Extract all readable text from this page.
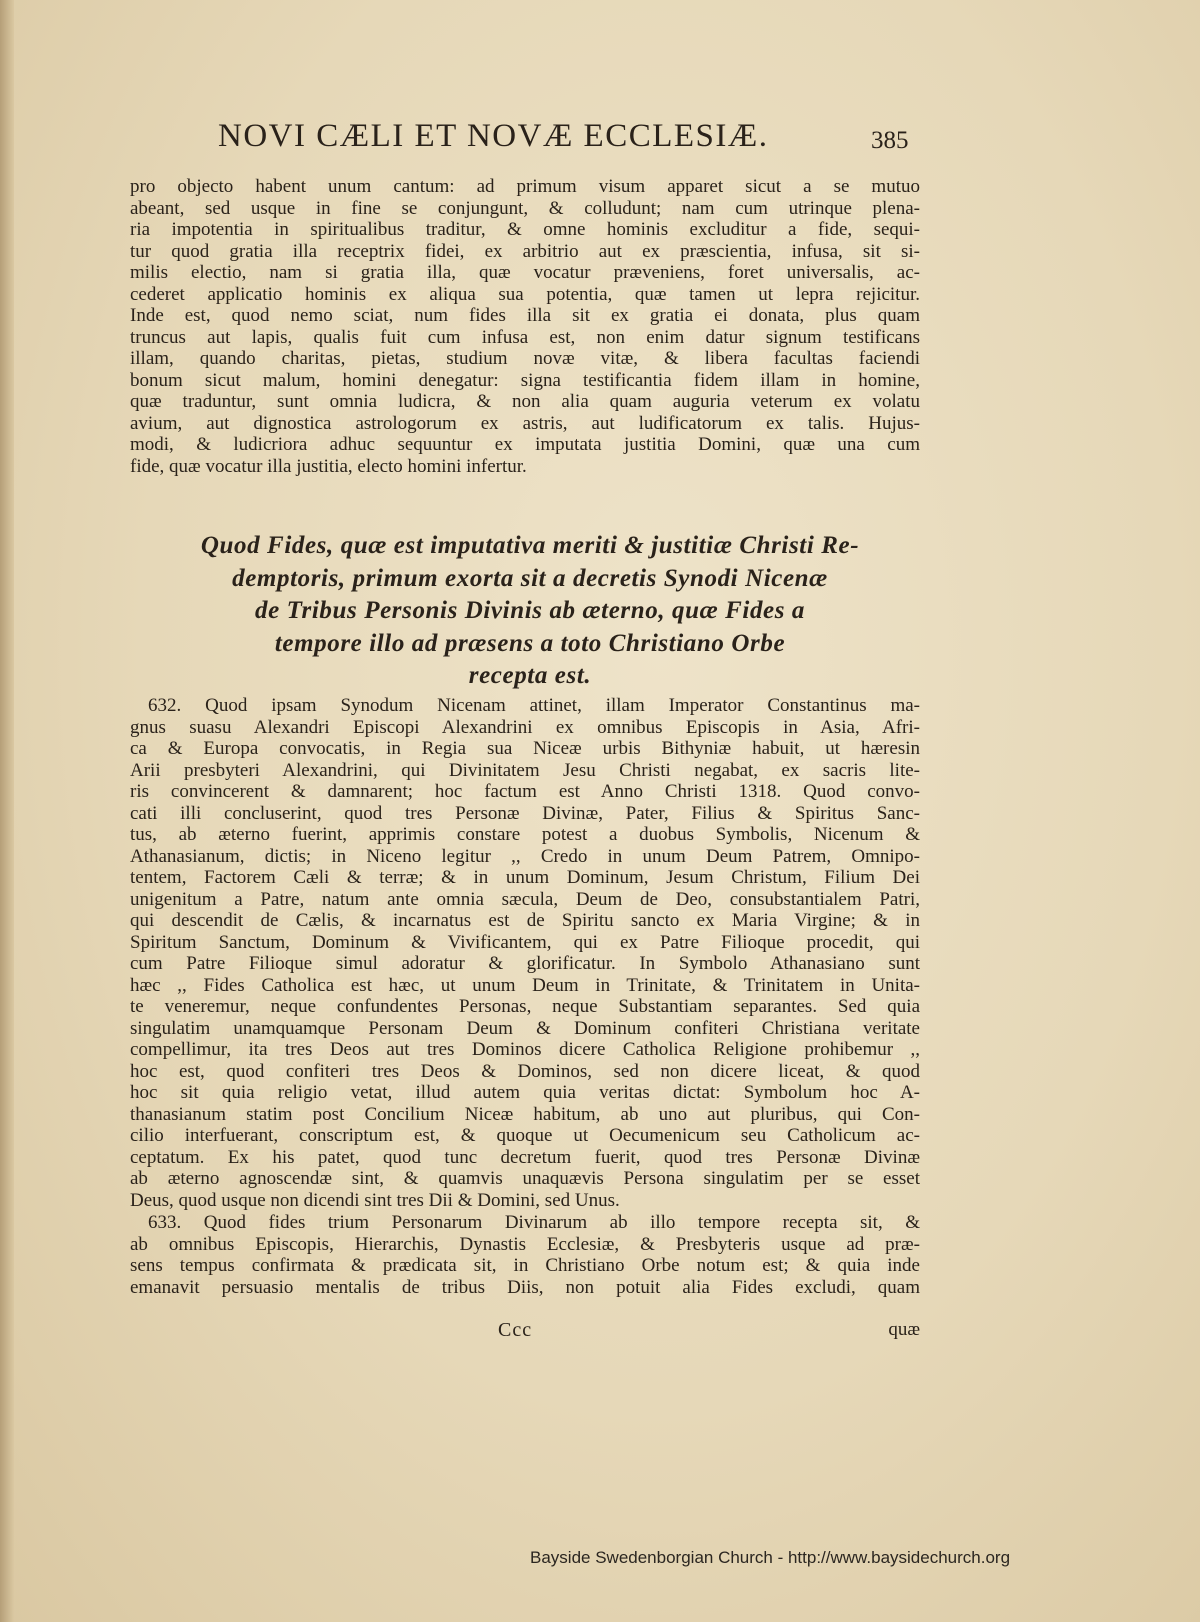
NOVI CÆLI ET NOVÆ ECCLESIÆ.	385
pro objecto habent unum cantum: ad primum visum apparet sicut a se mutuo
abeant, sed usque in fine se conjungunt, & colludunt; nam cum utrinque plena-
ria impotentia in spiritualibus traditur, & omne hominis excluditur a fide, sequi-
tur quod gratia illa receptrix fidei, ex arbitrio aut ex præscientia, infusa, sit si-
milis electio, nam si gratia illa, quæ vocatur præveniens, foret universalis, ac-
cederet applicatio hominis ex aliqua sua potentia, quæ tamen ut lepra rejicitur.
Inde est, quod nemo sciat, num fides illa sit ex gratia ei donata, plus quam
truncus aut lapis, qualis fuit cum infusa est, non enim datur signum testificans
illam, quando charitas, pietas, studium novæ vitæ, & libera facultas faciendi
bonum sicut malum, homini denegatur: signa testificantia fidem illam in homine,
quæ traduntur, sunt omnia ludicra, & non alia quam auguria veterum ex volatu
avium, aut dignostica astrologorum ex astris, aut ludificatorum ex talis. Hujus-
modi, & ludicriora adhuc sequuntur ex imputata justitia Domini, quæ una cum
fide, quæ vocatur illa justitia, electo homini infertur.
Quod Fides, quæ est imputativa meriti & justitiæ Christi Re-
demptoris, primum exorta sit a decretis Synodi Nicenæ
de Tribus Personis Divinis ab æterno, quæ Fides a
tempore illo ad præsens a toto Christiano Orbe
recepta est.
632. Quod ipsam Synodum Nicenam attinet, illam Imperator Constantinus ma-
gnus suasu Alexandri Episcopi Alexandrini ex omnibus Episcopis in Asia, Afri-
ca & Europa convocatis, in Regia sua Niceæ urbis Bithyniæ habuit, ut hæresin
Arii presbyteri Alexandrini, qui Divinitatem Jesu Christi negabat, ex sacris lite-
ris convincerent & damnarent; hoc factum est Anno Christi 1318. Quod convo-
cati illi concluserint, quod tres Personæ Divinæ, Pater, Filius & Spiritus Sanc-
tus, ab æterno fuerint, apprimis constare potest a duobus Symbolis, Nicenum &
Athanasianum, dictis; in Niceno legitur ,, Credo in unum Deum Patrem, Omnipo-
tentem, Factorem Cæli & terræ; & in unum Dominum, Jesum Christum, Filium Dei
unigenitum a Patre, natum ante omnia sæcula, Deum de Deo, consubstantialem Patri,
qui descendit de Cælis, & incarnatus est de Spiritu sancto ex Maria Virgine; & in
Spiritum Sanctum, Dominum & Vivificantem, qui ex Patre Filioque procedit, qui
cum Patre Filioque simul adoratur & glorificatur. In Symbolo Athanasiano sunt
hæc ,, Fides Catholica est hæc, ut unum Deum in Trinitate, & Trinitatem in Unita-
te veneremur, neque confundentes Personas, neque Substantiam separantes. Sed quia
singulatim unamquamque Personam Deum & Dominum confiteri Christiana veritate
compellimur, ita tres Deos aut tres Dominos dicere Catholica Religione prohibemur ,,
hoc est, quod confiteri tres Deos & Dominos, sed non dicere liceat, & quod
hoc sit quia religio vetat, illud autem quia veritas dictat: Symbolum hoc A-
thanasianum statim post Concilium Niceæ habitum, ab uno aut pluribus, qui Con-
cilio interfuerant, conscriptum est, & quoque ut Oecumenicum seu Catholicum ac-
ceptatum. Ex his patet, quod tunc decretum fuerit, quod tres Personæ Divinæ
ab æterno agnoscendæ sint, & quamvis unaquævis Persona singulatim per se esset
Deus, quod usque non dicendi sint tres Dii & Domini, sed Unus.
633. Quod fides trium Personarum Divinarum ab illo tempore recepta sit, &
ab omnibus Episcopis, Hierarchis, Dynastis Ecclesiæ, & Presbyteris usque ad præ-
sens tempus confirmata & prædicata sit, in Christiano Orbe notum est; & quia inde
emanavit persuasio mentalis de tribus Diis, non potuit alia Fides excludi, quam
Ccc	quæ
Bayside Swedenborgian Church - http://www.baysidechurch.org
